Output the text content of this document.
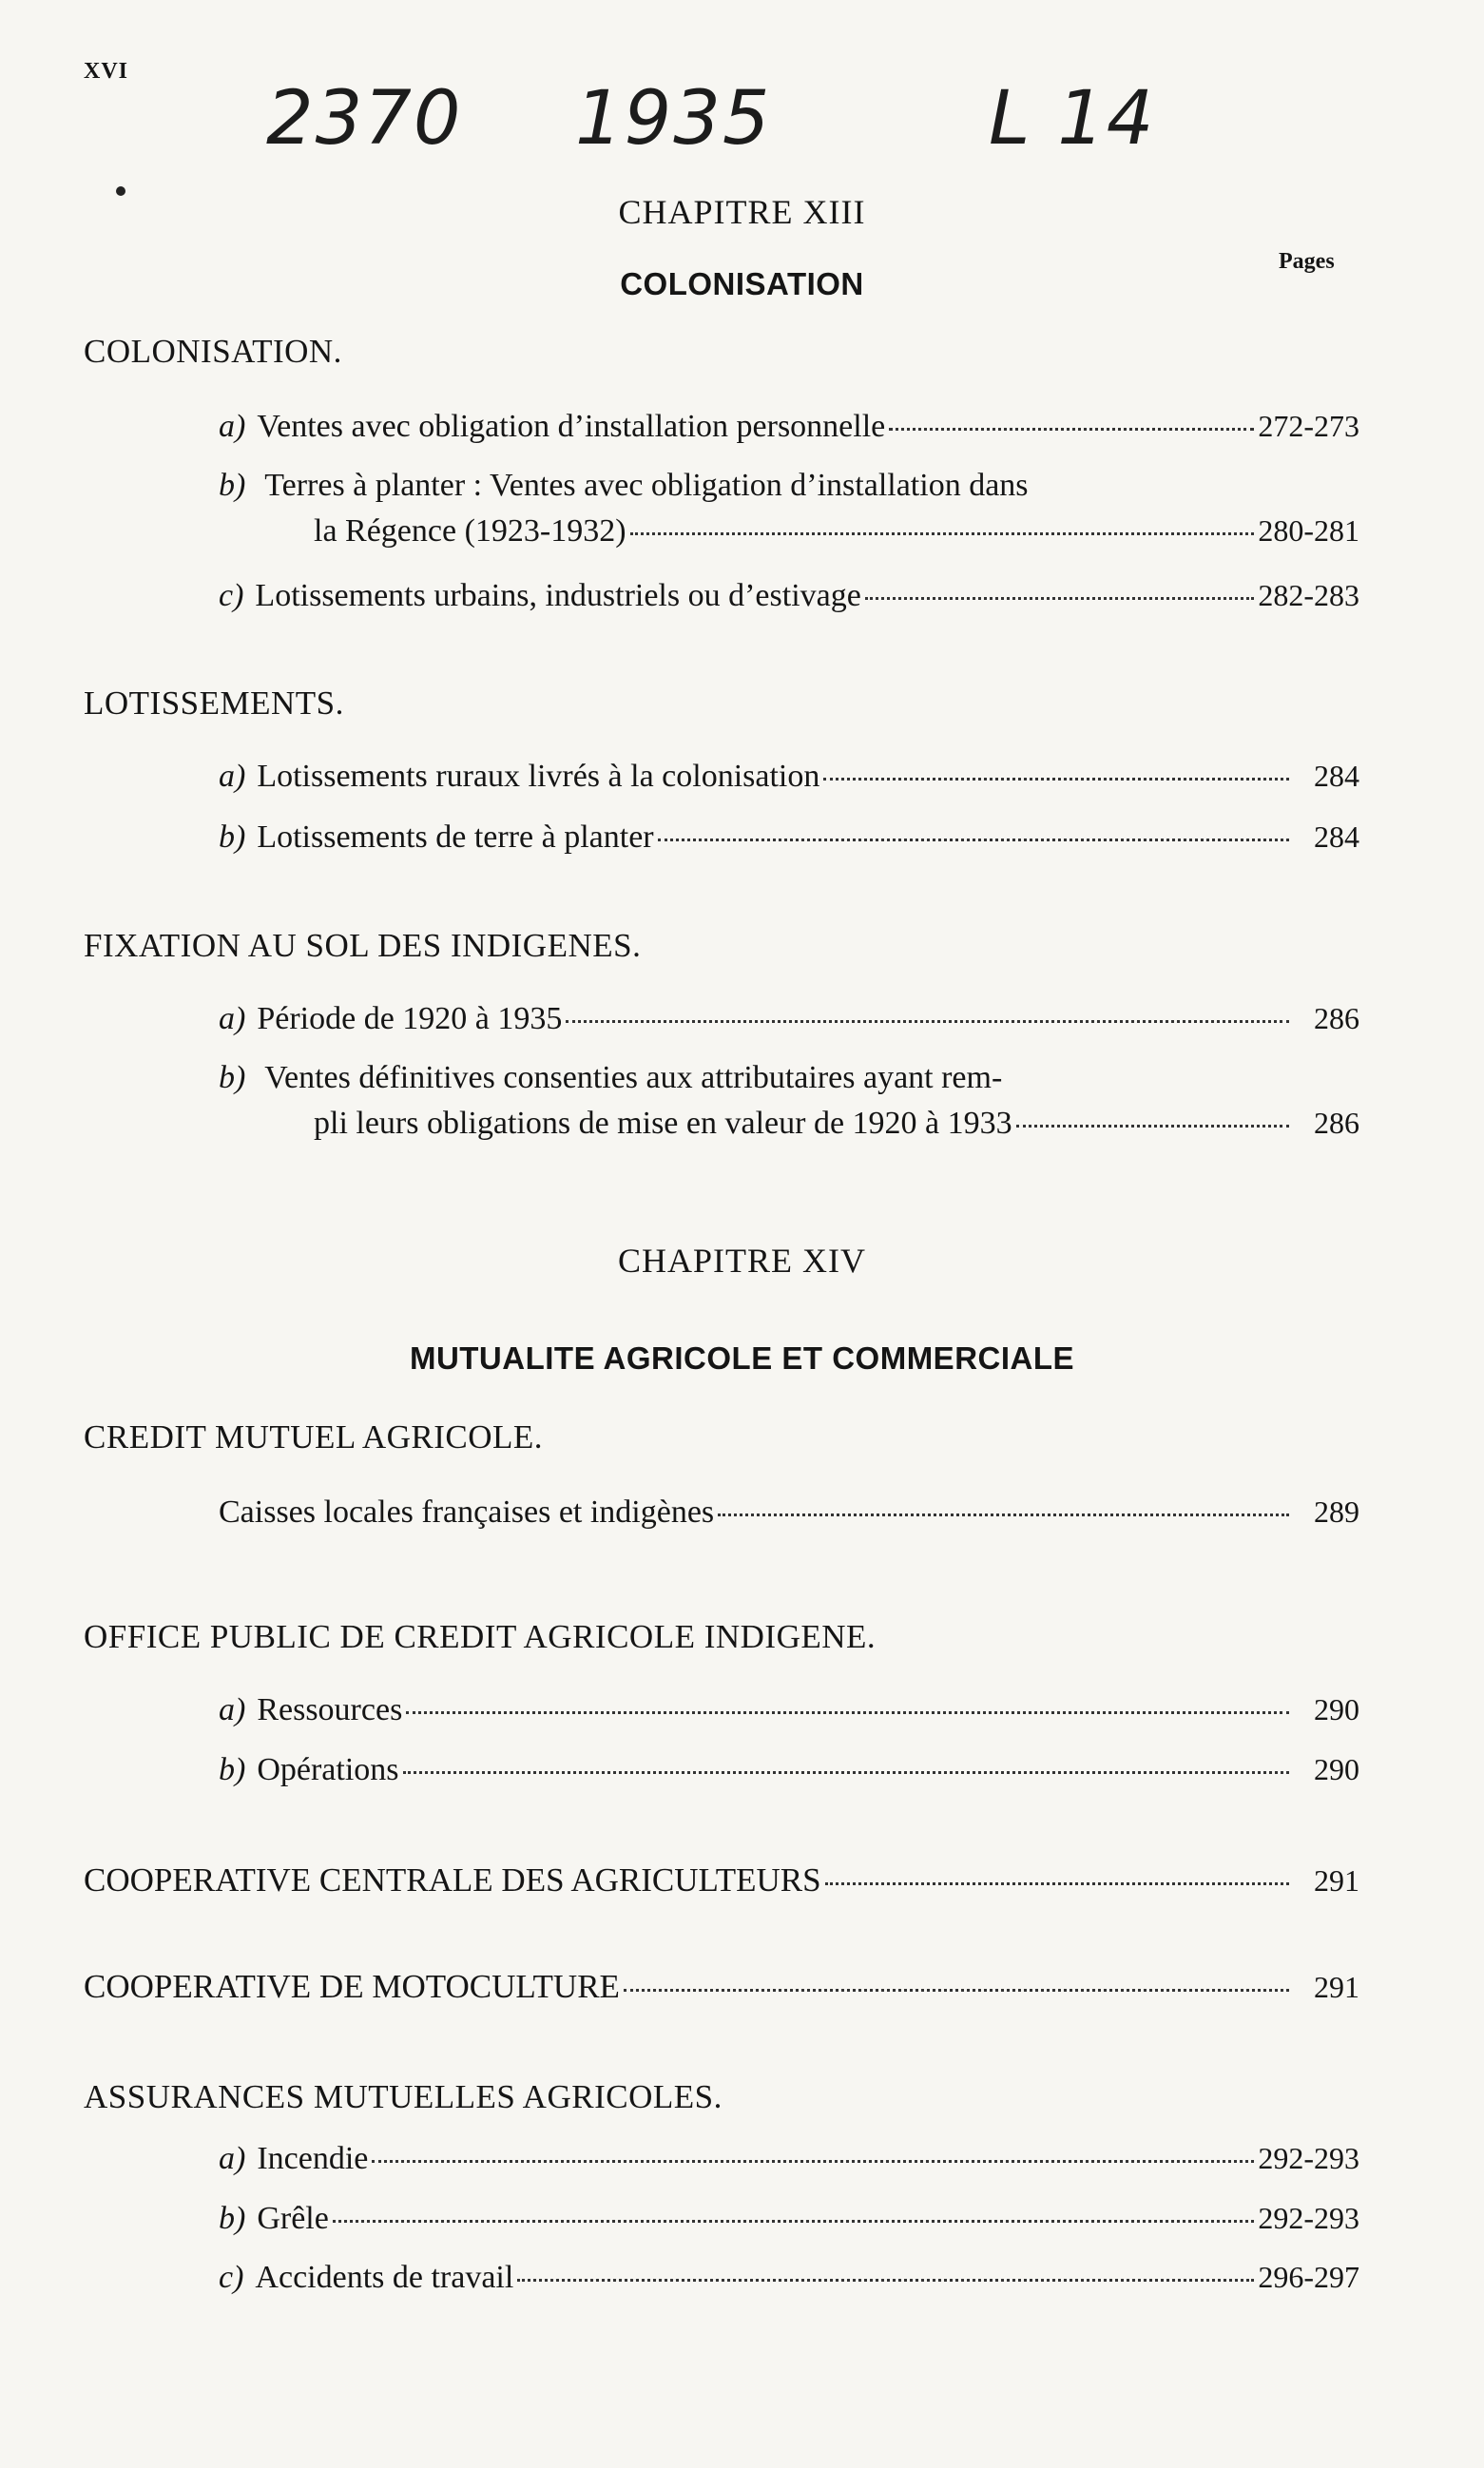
XVI
2370 1935	L 14
CHAPITRE XIII
Pages
COLONISATION
COLONISATION.
a) Ventes avec obligation d’installation personnelle	272-273
b) Terres à planter : Ventes avec obligation d’installation dans
la Régence (1923-1932)	280-281
c) Lotissements urbains, industriels ou d’estivage	282-283
LOTISSEMENTS.
a) Lotissements ruraux livrés à la colonisation	284
b) Lotissements de terre à planter	284
FIXATION AU SOL DES INDIGENES.
a) Période de 1920 à 1935	286
b) Ventes définitives consenties aux attributaires ayant rem-
pli leurs obligations de mise en valeur de 1920 à 1933	286
CHAPITRE XIV
MUTUALITE AGRICOLE ET COMMERCIALE
CREDIT MUTUEL AGRICOLE.
Caisses locales françaises et indigènes	289
OFFICE PUBLIC DE CREDIT AGRICOLE INDIGENE.
a) Ressources	290
b) Opérations	290
COOPERATIVE CENTRALE DES AGRICULTEURS	291
COOPERATIVE DE MOTOCULTURE	291
ASSURANCES MUTUELLES AGRICOLES.
a) Incendie	292-293
b) Grêle	292-293
c) Accidents de travail	296-297
